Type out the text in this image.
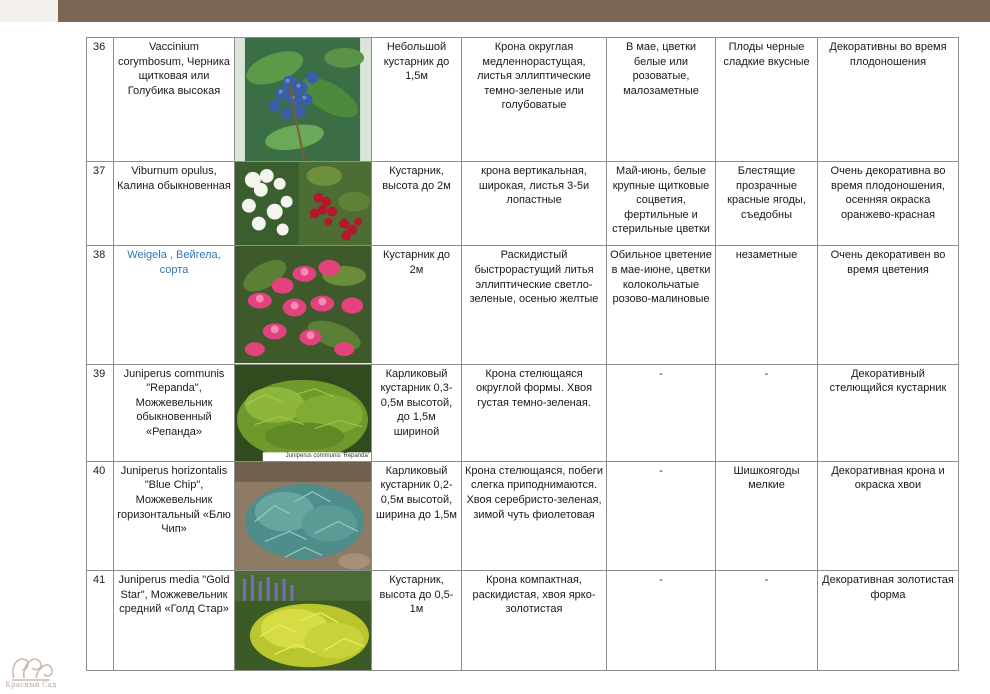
36	Vaccinium corymbosum, Черника щитковая или Голубика высокая		Небольшой кустарник до 1,5м	Крона округлая медленнорастущая, листья эллиптические темно-зеленые или голубоватые	В мае, цветки белые или розоватые, малозаметные	Плоды черные сладкие вкусные	Декоративны во время плодоношения
37	Viburnum opulus, Калина обыкновенная		Кустарник, высота до 2м	крона вертикальная, широкая, листья 3-5и лопастные	Май-июнь, белые крупные щитковые соцветия, фертильные и стерильные цветки	Блестящие прозрачные красные ягоды, съедобны	Очень декоративна во время плодоношения, осенняя окраска оранжево-красная
38	Weigela , Вейгела, сорта		Кустарник до 2м	Раскидистый быстрорастущий литья эллиптические светло-зеленые, осенью желтые	Обильное цветение в мае-июне, цветки колокольчатые розово-малиновые	незаметные	Очень декоративен во время цветения
39	Juniperus communis "Repanda", Можжевельник обыкновенный «Репанда»	Juniperus communis 'Repanda'	Карликовый кустарник 0,3-0,5м высотой, до 1,5м шириной	Крона стелющаяся округлой формы. Хвоя густая темно-зеленая.	-	-	Декоративный стелющийся кустарник
40	Juniperus horizontalis "Blue Chip", Можжевельник горизонтальный «Блю Чип»		Карликовый кустарник 0,2-0,5м высотой, ширина до 1,5м	Крона стелющаяся, побеги слегка приподнимаются. Хвоя серебристо-зеленая, зимой чуть фиолетовая	-	Шишкоягоды мелкие	Декоративная крона и окраска хвои
41	Juniperus media "Gold Star", Можжевельник средний «Голд Стар»		Кустарник, высота до 0,5-1м	Крона компактная, раскидистая, хвоя ярко-золотистая	-	-	Декоративная золотистая форма
Красный Сад
